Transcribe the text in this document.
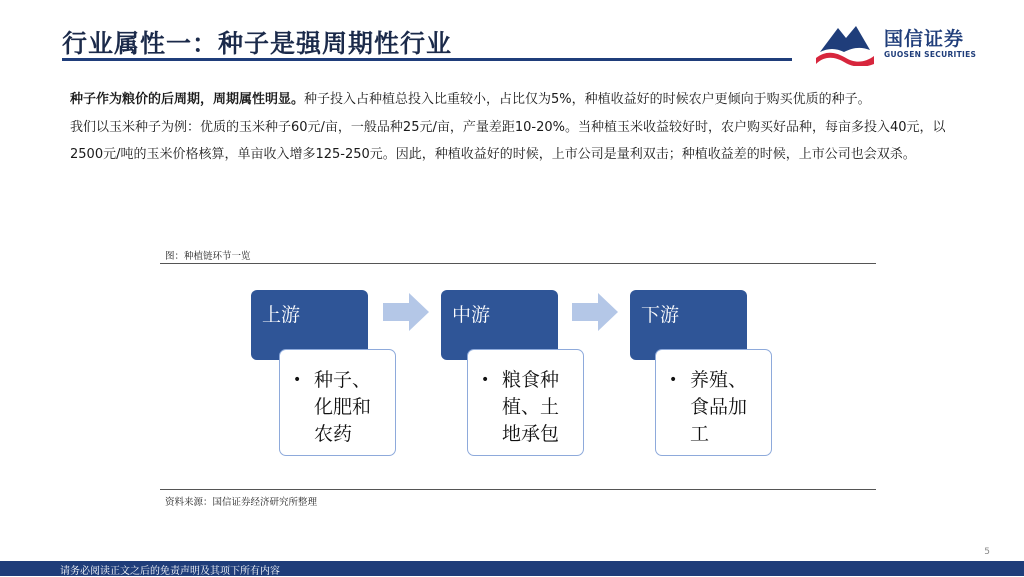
行业属性一：种子是强周期性行业	国信证券
GUOSEN SECURITIES

种子作为粮价的后周期，周期属性明显。种子投入占种植总投入比重较小，占比仅为5%，种植收益好的时候农户更倾向于购买优质的种子。

我们以玉米种子为例：优质的玉米种子60元/亩，一般品种25元/亩，产量差距10-20%。当种植玉米收益较好时，农户购买好品种，每亩多投入40元，以2500元/吨的玉米价格核算，单亩收入增多125-250元。因此，种植收益好的时候，上市公司是量利双击；种植收益差的时候，上市公司也会双杀。

图：种植链环节一览
上游
• 种子、化肥和农药
中游
• 粮食种植、土地承包
下游
• 养殖、食品加工
资料来源：国信证券经济研究所整理
5
请务必阅读正文之后的免责声明及其项下所有内容
